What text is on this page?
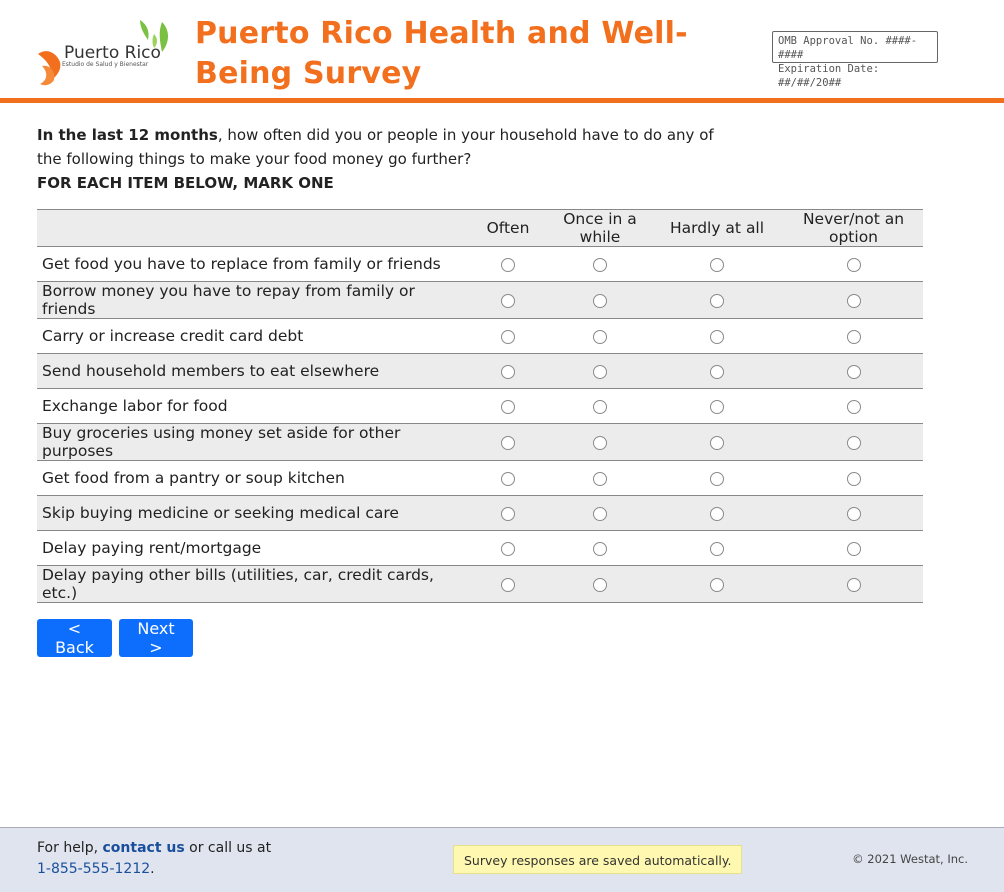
Puerto Rico
Estudio de Salud y Bienestar
Puerto Rico Health and Well-Being Survey
OMB Approval No. ####-####
Expiration Date: ##/##/20##
In the last 12 months, how often did you or people in your household have to do any of the following things to make your food money go further?
FOR EACH ITEM BELOW, MARK ONE
	Often	Once in a while	Hardly at all	Never/not an option
Get food you have to replace from family or friends				
Borrow money you have to repay from family or friends				
Carry or increase credit card debt				
Send household members to eat elsewhere				
Exchange labor for food				
Buy groceries using money set aside for other purposes				
Get food from a pantry or soup kitchen				
Skip buying medicine or seeking medical care				
Delay paying rent/mortgage				
Delay paying other bills (utilities, car, credit cards, etc.)				
< Back
Next >
For help, contact us or call us at
1-855-555-1212.
Survey responses are saved automatically.	© 2021 Westat, Inc.
